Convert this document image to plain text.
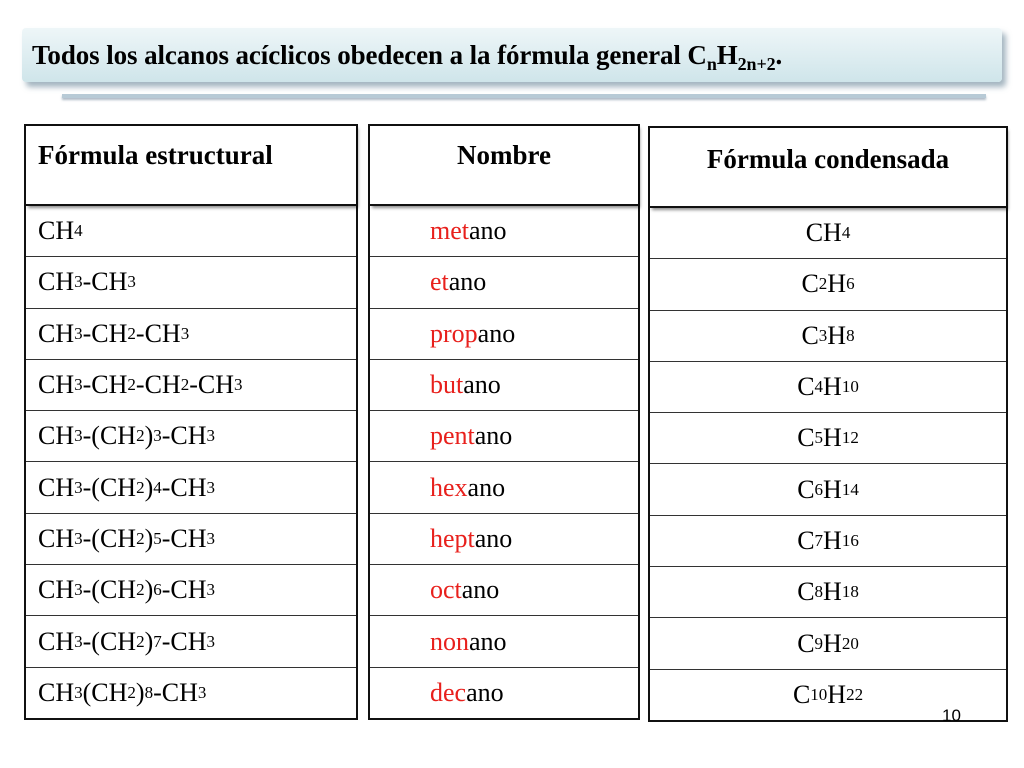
Todos los alcanos acíclicos obedecen a la fórmula general $C_nH_{2n+2}$.
Fórmula estructural
CH 4
CH 3 -CH 3
CH 3 -CH 2 -CH 3
CH 3 -CH 2 -CH 2 -CH 3
CH 3 -(CH 2 ) 3 -CH 3
CH 3 -(CH 2 ) 4 -CH 3
CH 3 -(CH 2 ) 5 -CH 3
CH 3 -(CH 2 ) 6 -CH 3
CH 3 -(CH 2 ) 7 -CH 3
CH 3 (CH 2 ) 8 -CH 3
Nombre
met ano
et ano
prop ano
but ano
pent ano
hex ano
hept ano
oct ano
non ano
dec ano
Fórmula condensada
CH 4
C 2 H 6
C 3 H 8
C 4 H 10
C 5 H 12
C 6 H 14
C 7 H 16
C 8 H 18
C 9 H 20
C 10 H 22
10
